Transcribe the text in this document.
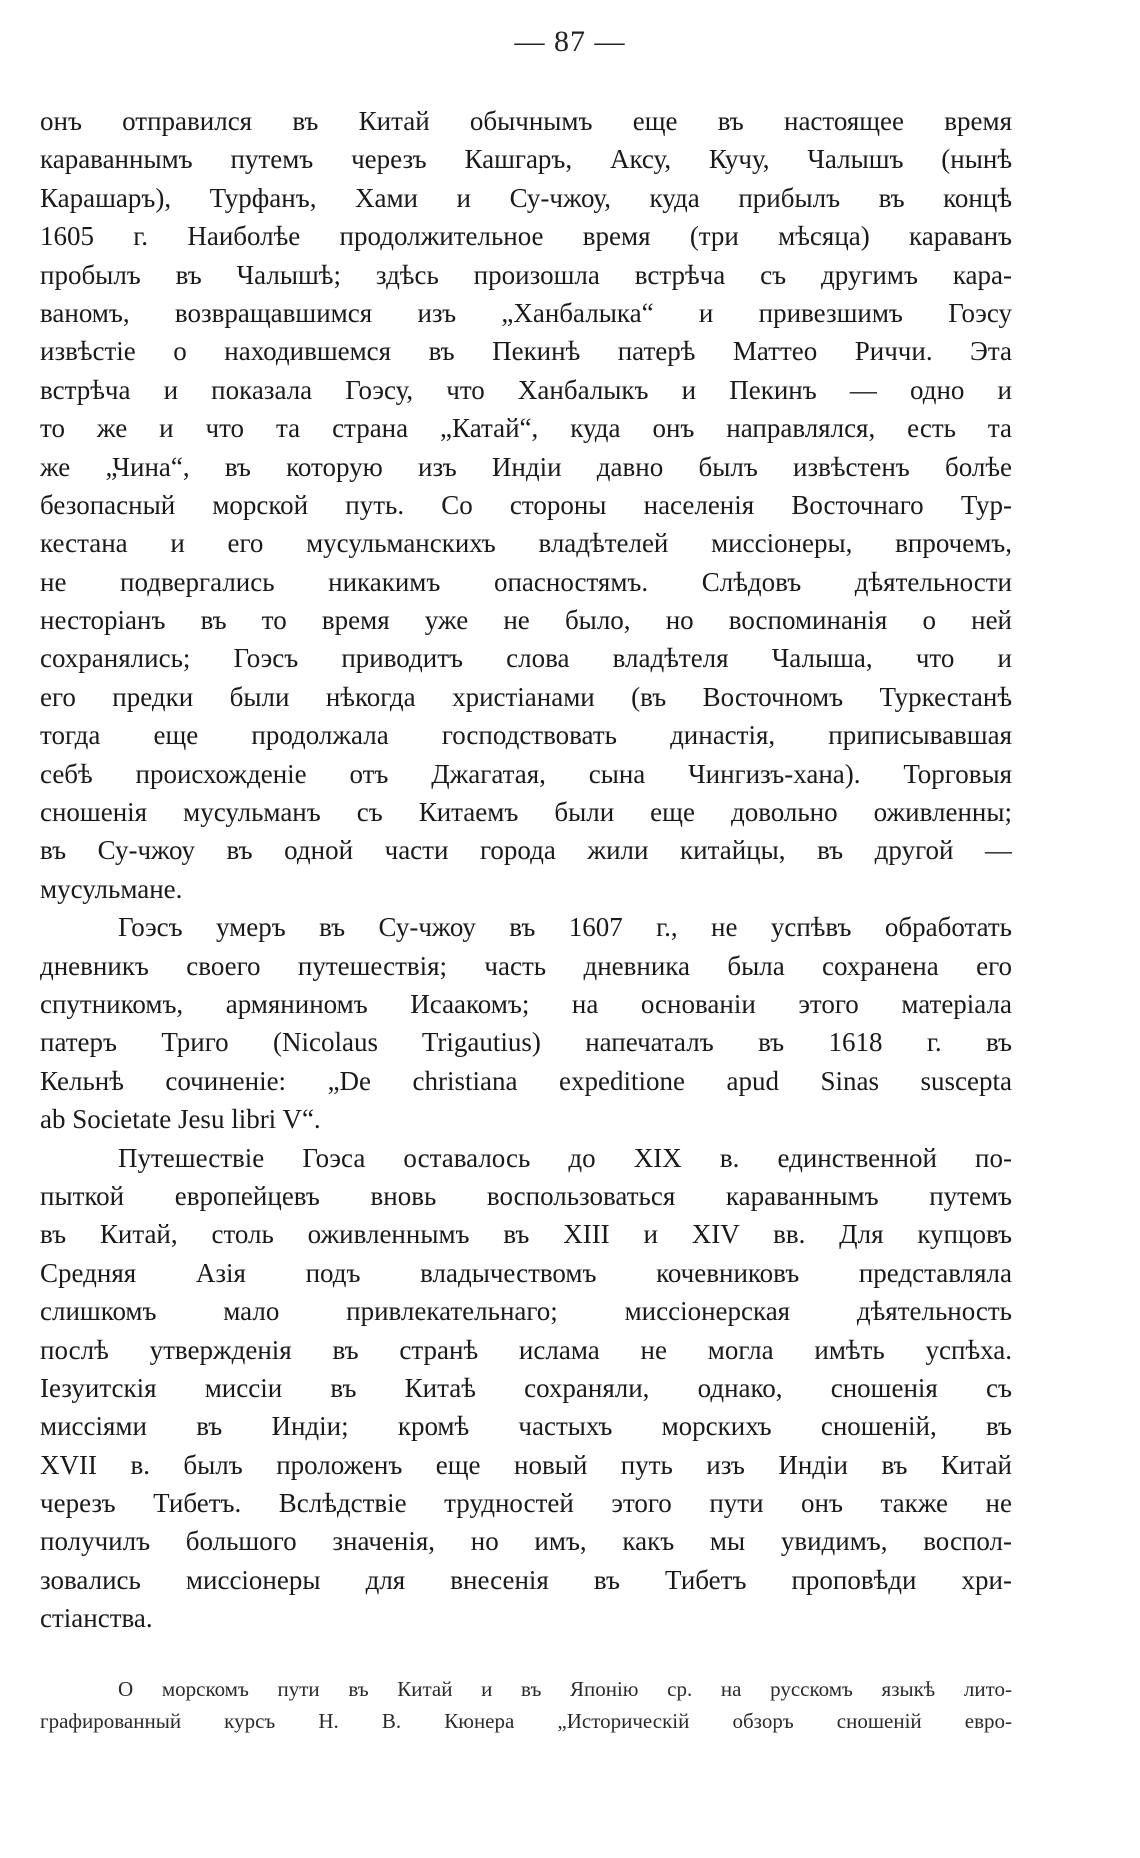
— 87 —
онъ отправился въ Китай обычнымъ еще въ настоящее время
караваннымъ путемъ черезъ Кашгаръ, Аксу, Кучу, Чалышъ (нынѣ
Карашаръ), Турфанъ, Хами и Су-чжоу, куда прибылъ въ концѣ
1605 г. Наиболѣе продолжительное время (три мѣсяца) караванъ
пробылъ въ Чалышѣ; здѣсь произошла встрѣча съ другимъ кара-
ваномъ, возвращавшимся изъ „Ханбалыка“ и привезшимъ Гоэсу
извѣстіе о находившемся въ Пекинѣ патерѣ Маттео Риччи. Эта
встрѣча и показала Гоэсу, что Ханбалыкъ и Пекинъ — одно и
то же и что та страна „Катай“, куда онъ направлялся, есть та
же „Чина“, въ которую изъ Индіи давно былъ извѣстенъ болѣе
безопасный морской путь. Со стороны населенія Восточнаго Тур-
кестана и его мусульманскихъ владѣтелей миссіонеры, впрочемъ,
не подвергались никакимъ опасностямъ. Слѣдовъ дѣятельности
несторіанъ въ то время уже не было, но воспоминанія о ней
сохранялись; Гоэсъ приводитъ слова владѣтеля Чалыша, что и
его предки были нѣкогда христіанами (въ Восточномъ Туркестанѣ
тогда еще продолжала господствовать династія, приписывавшая
себѣ происхожденіе отъ Джагатая, сына Чингизъ-хана). Торговыя
сношенія мусульманъ съ Китаемъ были еще довольно оживленны;
въ Су-чжоу въ одной части города жили китайцы, въ другой —
мусульмане.
Гоэсъ умеръ въ Су-чжоу въ 1607 г., не успѣвъ обработать
дневникъ своего путешествія; часть дневника была сохранена его
спутникомъ, армяниномъ Исаакомъ; на основаніи этого матеріала
патеръ Триго (Nicolaus Trigautius) напечаталъ въ 1618 г. въ
Кельнѣ сочиненіе: „De christiana expeditione apud Sinas suscepta
ab Societate Jesu libri V“.
Путешествіе Гоэса оставалось до XIX в. единственной по-
пыткой европейцевъ вновь воспользоваться караваннымъ путемъ
въ Китай, столь оживленнымъ въ XIII и XIV вв. Для купцовъ
Средняя Азія подъ владычествомъ кочевниковъ представляла
слишкомъ мало привлекательнаго; миссіонерская дѣятельность
послѣ утвержденія въ странѣ ислама не могла имѣть успѣха.
Іезуитскія миссіи въ Китаѣ сохраняли, однако, сношенія съ
миссіями въ Индіи; кромѣ частыхъ морскихъ сношеній, въ
XVII в. былъ проложенъ еще новый путь изъ Индіи въ Китай
черезъ Тибетъ. Вслѣдствіе трудностей этого пути онъ также не
получилъ большого значенія, но имъ, какъ мы увидимъ, воспол-
зовались миссіонеры для внесенія въ Тибетъ проповѣди хри-
стіанства.
О морскомъ пути въ Китай и въ Японію ср. на русскомъ языкѣ лито-
графированный курсъ Н. В. Кюнера „Историческій обзоръ сношеній евро-
